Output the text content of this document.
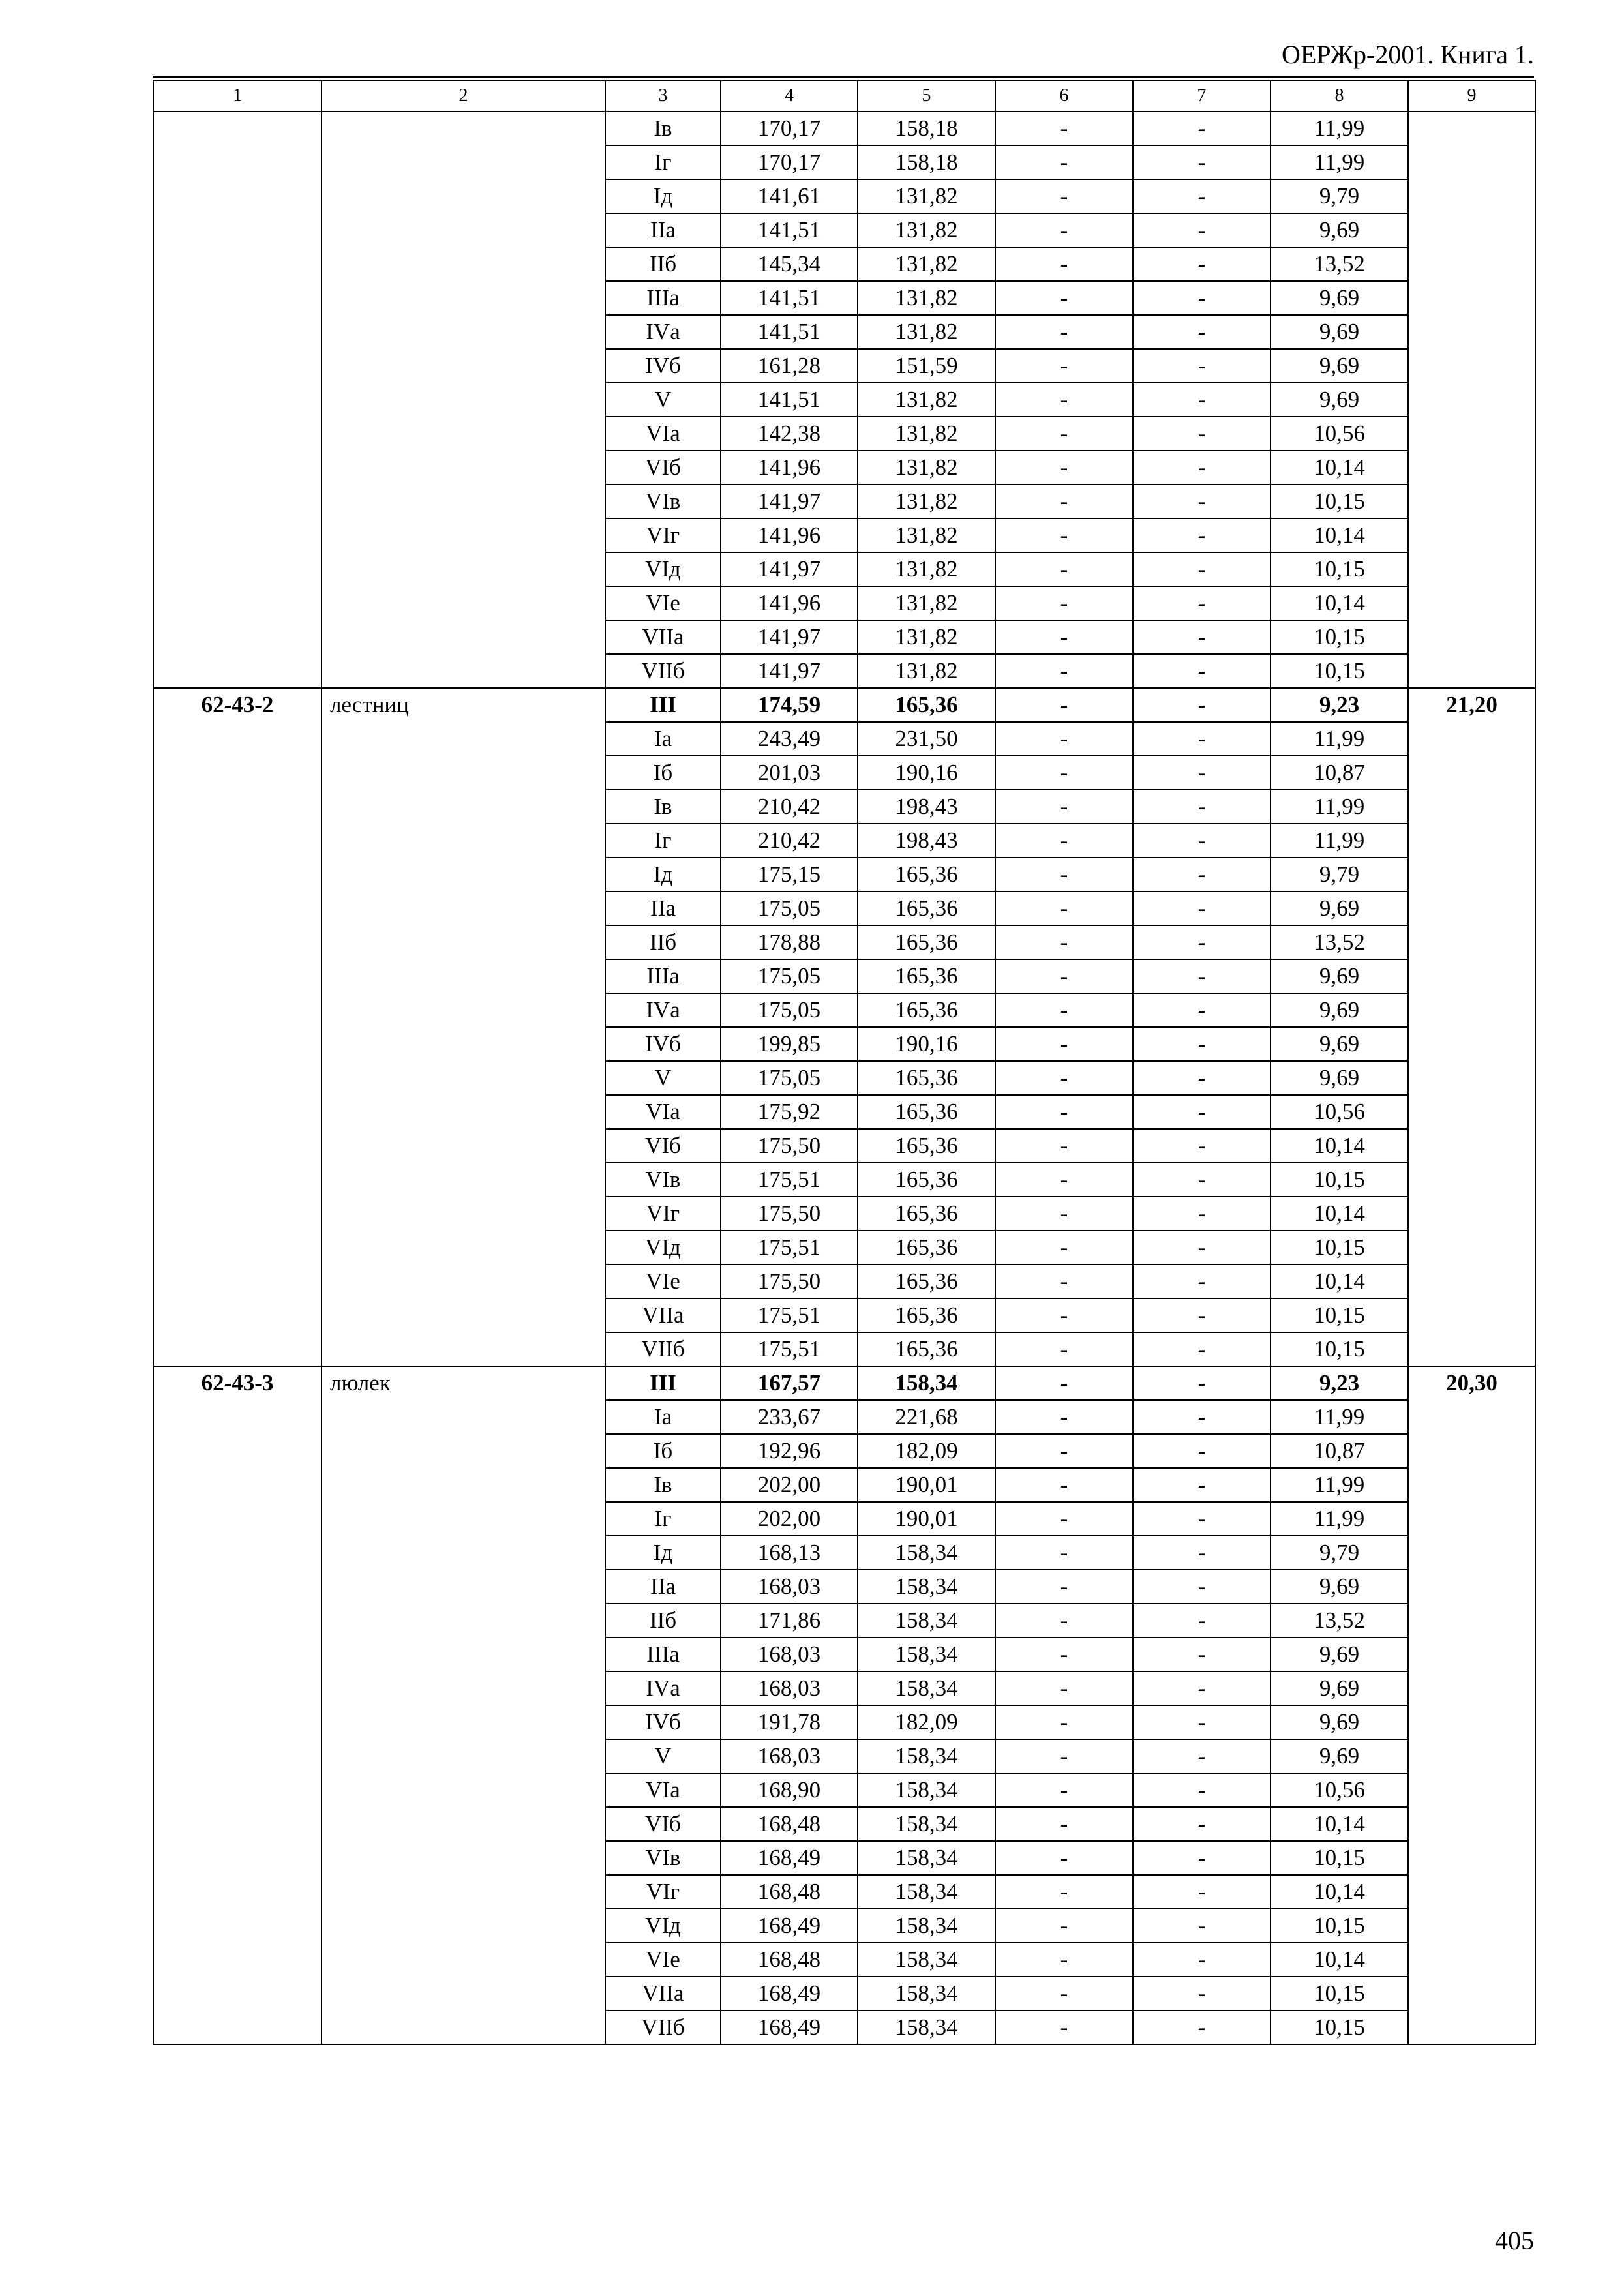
ОЕРЖр-2001. Книга 1.
1	2	3	4	5	6	7	8	9
		Iв	170,17	158,18	-	-	11,99	
		Iг	170,17	158,18	-	-	11,99	
		Iд	141,61	131,82	-	-	9,79	
		IIа	141,51	131,82	-	-	9,69	
		IIб	145,34	131,82	-	-	13,52	
		IIIа	141,51	131,82	-	-	9,69	
		IVа	141,51	131,82	-	-	9,69	
		IVб	161,28	151,59	-	-	9,69	
		V	141,51	131,82	-	-	9,69	
		VIа	142,38	131,82	-	-	10,56	
		VIб	141,96	131,82	-	-	10,14	
		VIв	141,97	131,82	-	-	10,15	
		VIг	141,96	131,82	-	-	10,14	
		VIд	141,97	131,82	-	-	10,15	
		VIе	141,96	131,82	-	-	10,14	
		VIIа	141,97	131,82	-	-	10,15	
		VIIб	141,97	131,82	-	-	10,15	
62-43-2	лестниц	III	174,59	165,36	-	-	9,23	21,20
		Iа	243,49	231,50	-	-	11,99	
		Iб	201,03	190,16	-	-	10,87	
		Iв	210,42	198,43	-	-	11,99	
		Iг	210,42	198,43	-	-	11,99	
		Iд	175,15	165,36	-	-	9,79	
		IIа	175,05	165,36	-	-	9,69	
		IIб	178,88	165,36	-	-	13,52	
		IIIа	175,05	165,36	-	-	9,69	
		IVа	175,05	165,36	-	-	9,69	
		IVб	199,85	190,16	-	-	9,69	
		V	175,05	165,36	-	-	9,69	
		VIа	175,92	165,36	-	-	10,56	
		VIб	175,50	165,36	-	-	10,14	
		VIв	175,51	165,36	-	-	10,15	
		VIг	175,50	165,36	-	-	10,14	
		VIд	175,51	165,36	-	-	10,15	
		VIе	175,50	165,36	-	-	10,14	
		VIIа	175,51	165,36	-	-	10,15	
		VIIб	175,51	165,36	-	-	10,15	
62-43-3	люлек	III	167,57	158,34	-	-	9,23	20,30
		Iа	233,67	221,68	-	-	11,99	
		Iб	192,96	182,09	-	-	10,87	
		Iв	202,00	190,01	-	-	11,99	
		Iг	202,00	190,01	-	-	11,99	
		Iд	168,13	158,34	-	-	9,79	
		IIа	168,03	158,34	-	-	9,69	
		IIб	171,86	158,34	-	-	13,52	
		IIIа	168,03	158,34	-	-	9,69	
		IVа	168,03	158,34	-	-	9,69	
		IVб	191,78	182,09	-	-	9,69	
		V	168,03	158,34	-	-	9,69	
		VIа	168,90	158,34	-	-	10,56	
		VIб	168,48	158,34	-	-	10,14	
		VIв	168,49	158,34	-	-	10,15	
		VIг	168,48	158,34	-	-	10,14	
		VIд	168,49	158,34	-	-	10,15	
		VIе	168,48	158,34	-	-	10,14	
		VIIа	168,49	158,34	-	-	10,15	
		VIIб	168,49	158,34	-	-	10,15	
405
